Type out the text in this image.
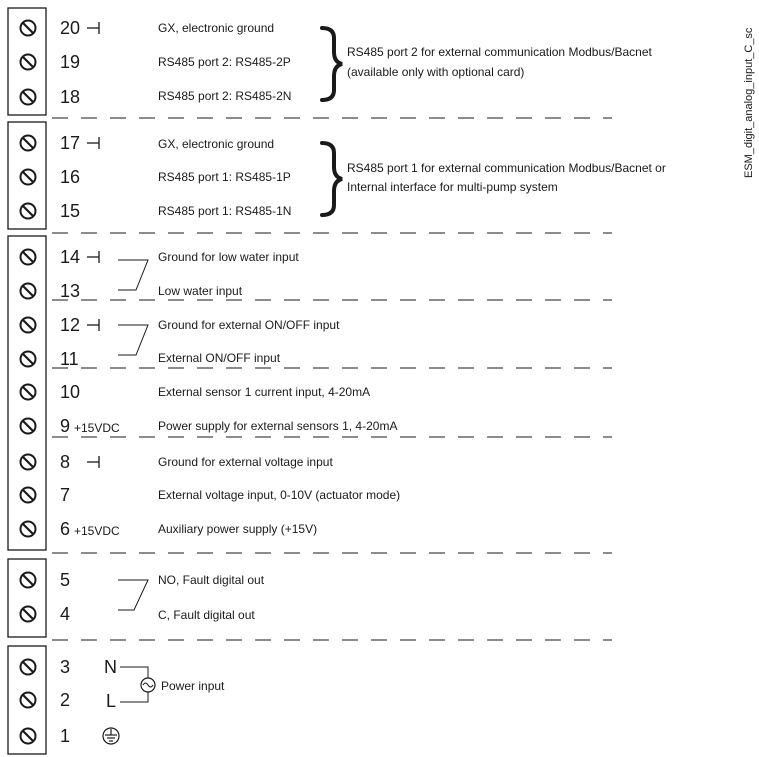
ESM_digit_analog_input_C_sc
20
19
18
17
16
15
14
13
12
11
10
9
8
7
6
5
4
3
2
1
+15VDC
+15VDC
GX, electronic ground
RS485 port 2: RS485-2P
RS485 port 2: RS485-2N
GX, electronic ground
RS485 port 1: RS485-1P
RS485 port 1: RS485-1N
Ground for low water input
Low water input
Ground for external ON/OFF input
External ON/OFF input
External sensor 1 current input, 4-20mA
Power supply for external sensors 1, 4-20mA
Ground for external voltage input
External voltage input, 0-10V (actuator mode)
Auxiliary power supply (+15V)
NO, Fault digital out
C, Fault digital out
RS485 port 2 for external communication Modbus/Bacnet
(available only with optional card)
RS485 port 1 for external communication Modbus/Bacnet or
Internal interface for multi-pump system
N
L
Power input
